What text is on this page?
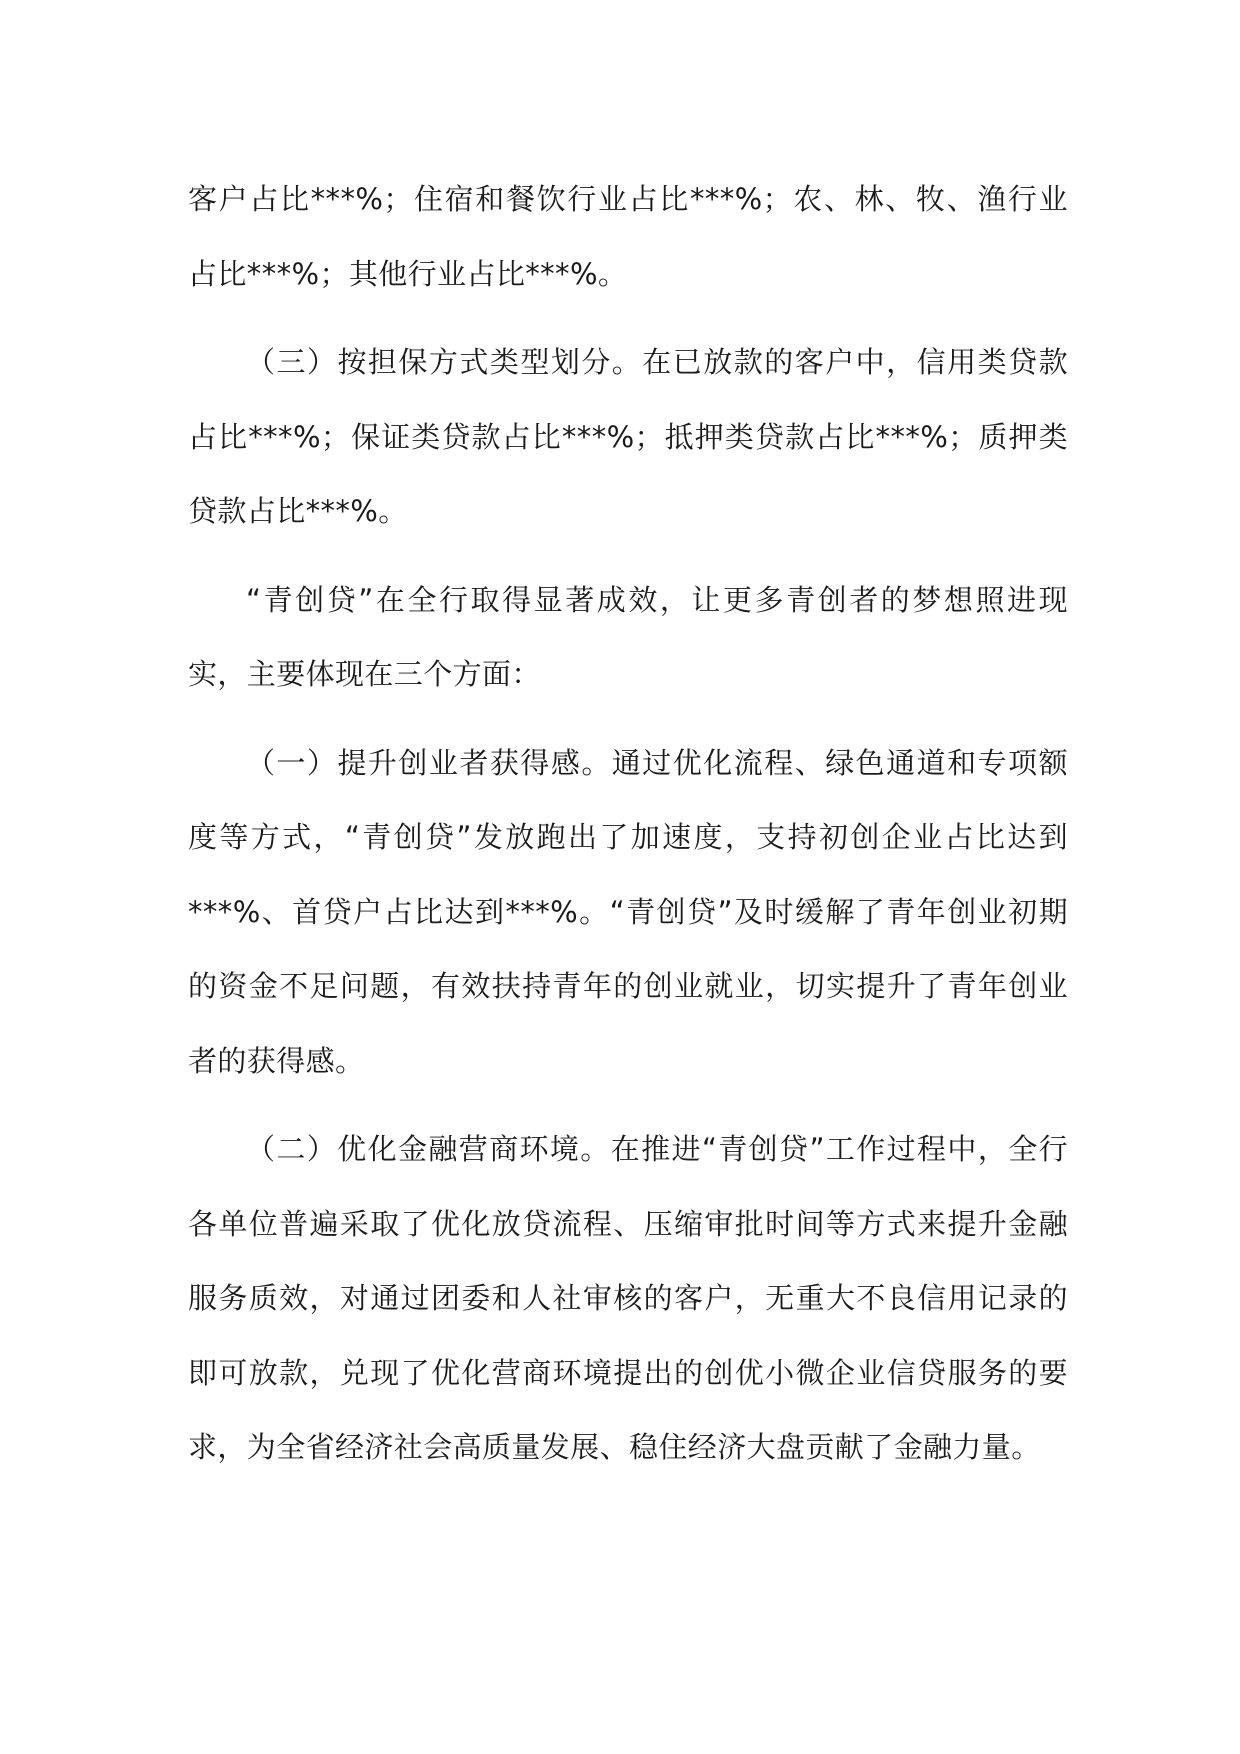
客户占比***%；住宿和餐饮行业占比***%；农、林、牧、渔行业占比***%；其他行业占比***%。

（三）按担保方式类型划分。在已放款的客户中，信用类贷款占比***%；保证类贷款占比***%；抵押类贷款占比***%；质押类贷款占比***%。

“青创贷”在全行取得显著成效，让更多青创者的梦想照进现实，主要体现在三个方面：

（一）提升创业者获得感。通过优化流程、绿色通道和专项额度等方式，“青创贷”发放跑出了加速度，支持初创企业占比达到***%、首贷户占比达到***%。“青创贷”及时缓解了青年创业初期的资金不足问题，有效扶持青年的创业就业，切实提升了青年创业者的获得感。

（二）优化金融营商环境。在推进“青创贷”工作过程中，全行各单位普遍采取了优化放贷流程、压缩审批时间等方式来提升金融服务质效，对通过团委和人社审核的客户，无重大不良信用记录的即可放款，兑现了优化营商环境提出的创优小微企业信贷服务的要求，为全省经济社会高质量发展、稳住经济大盘贡献了金融力量。
